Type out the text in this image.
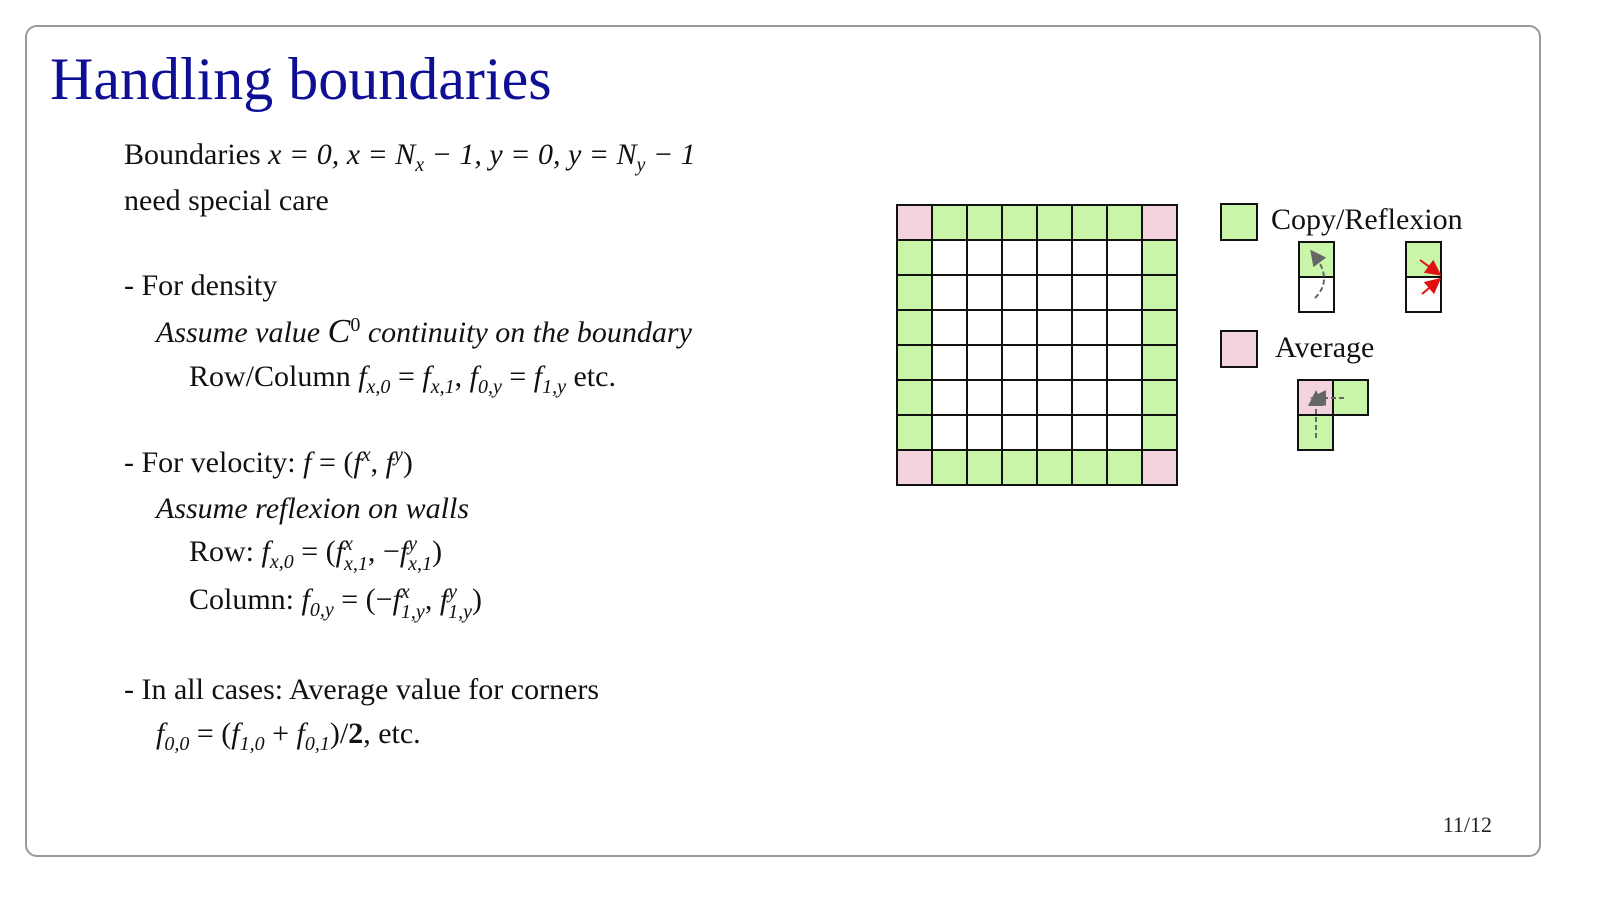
Handling boundaries
Boundaries x = 0, $x = N_x - 1$, y = 0, $y = N_y - 1$
need special care
- For density
Assume value $C^0$ continuity on the boundary
Row/Column $f_{x,0} = f_{x,1}$, $f_{0,y} = f_{1,y}$ etc.
- For velocity: $f = (f^x$, $f^y$)
Assume reflexion on walls
Row: $f_{x,0} = (f$ x
x,1 , −f y
x,1 )
Column: $f_{0,y} = (-f$ x
1,y , f y
1,y )
- In all cases: Average value for corners
$f_{0,0} = (f_{1,0} + f_{0,1})/2$, etc.
Copy/Reflexion
Average
11/12
